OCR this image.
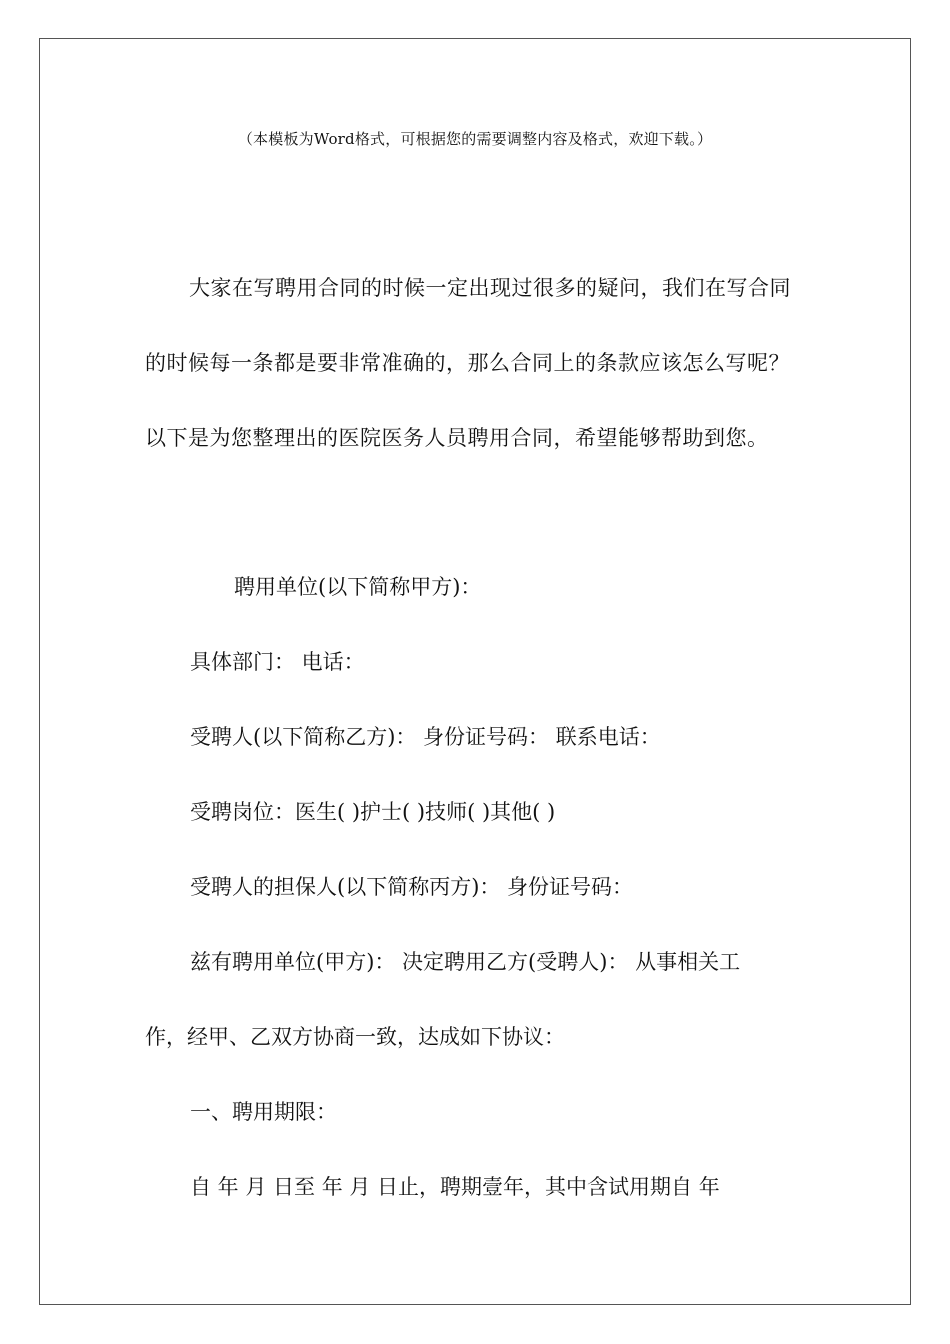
（本模板为Word格式，可根据您的需要调整内容及格式，欢迎下载。）
大家在写聘用合同的时候一定出现过很多的疑问，我们在写合同的时候每一条都是要非常准确的，那么合同上的条款应该怎么写呢？以下是为您整理出的医院医务人员聘用合同，希望能够帮助到您。
聘用单位(以下简称甲方)：
具体部门： 电话：
受聘人(以下简称乙方)： 身份证号码： 联系电话：
受聘岗位：医生( )护士( )技师( )其他( )
受聘人的担保人(以下简称丙方)： 身份证号码：
兹有聘用单位(甲方)： 决定聘用乙方(受聘人)： 从事相关工
作，经甲、乙双方协商一致，达成如下协议：
一、聘用期限：
自 年 月 日至 年 月 日止，聘期壹年，其中含试用期自 年
